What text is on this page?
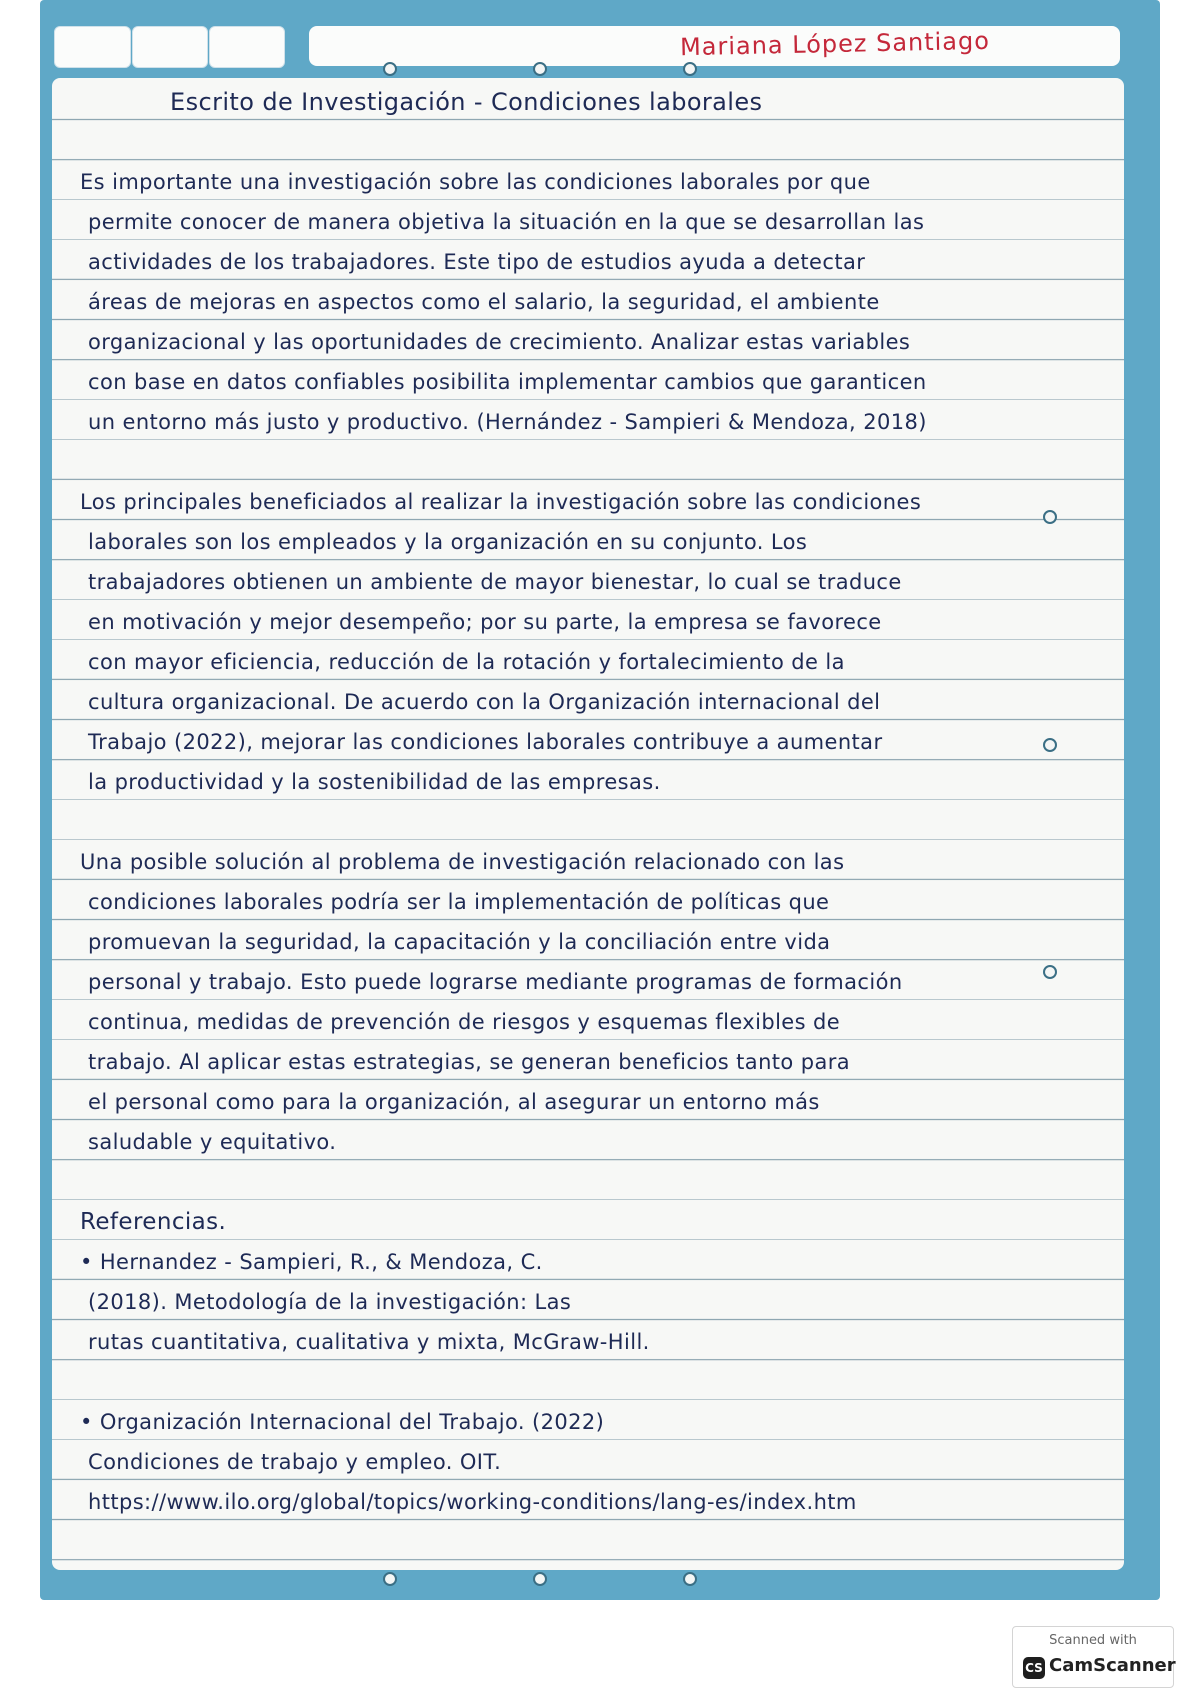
Mariana López Santiago
Escrito de Investigación - Condiciones laborales
Es importante una investigación sobre las condiciones laborales por que
permite conocer de manera objetiva la situación en la que se desarrollan las
actividades de los trabajadores. Este tipo de estudios ayuda a detectar
áreas de mejoras en aspectos como el salario, la seguridad, el ambiente
organizacional y las oportunidades de crecimiento. Analizar estas variables
con base en datos confiables posibilita implementar cambios que garanticen
un entorno más justo y productivo. (Hernández - Sampieri & Mendoza, 2018)
Los principales beneficiados al realizar la investigación sobre las condiciones
laborales son los empleados y la organización en su conjunto. Los
trabajadores obtienen un ambiente de mayor bienestar, lo cual se traduce
en motivación y mejor desempeño; por su parte, la empresa se favorece
con mayor eficiencia, reducción de la rotación y fortalecimiento de la
cultura organizacional. De acuerdo con la Organización internacional del
Trabajo (2022), mejorar las condiciones laborales contribuye a aumentar
la productividad y la sostenibilidad de las empresas.
Una posible solución al problema de investigación relacionado con las
condiciones laborales podría ser la implementación de políticas que
promuevan la seguridad, la capacitación y la conciliación entre vida
personal y trabajo. Esto puede lograrse mediante programas de formación
continua, medidas de prevención de riesgos y esquemas flexibles de
trabajo. Al aplicar estas estrategias, se generan beneficios tanto para
el personal como para la organización, al asegurar un entorno más
saludable y equitativo.
Referencias.
• Hernandez - Sampieri, R., & Mendoza, C.
(2018). Metodología de la investigación: Las
rutas cuantitativa, cualitativa y mixta, McGraw-Hill.
• Organización Internacional del Trabajo. (2022)
Condiciones de trabajo y empleo. OIT.
https://www.ilo.org/global/topics/working-conditions/lang-es/index.htm
Scanned with
CS CamScanner
